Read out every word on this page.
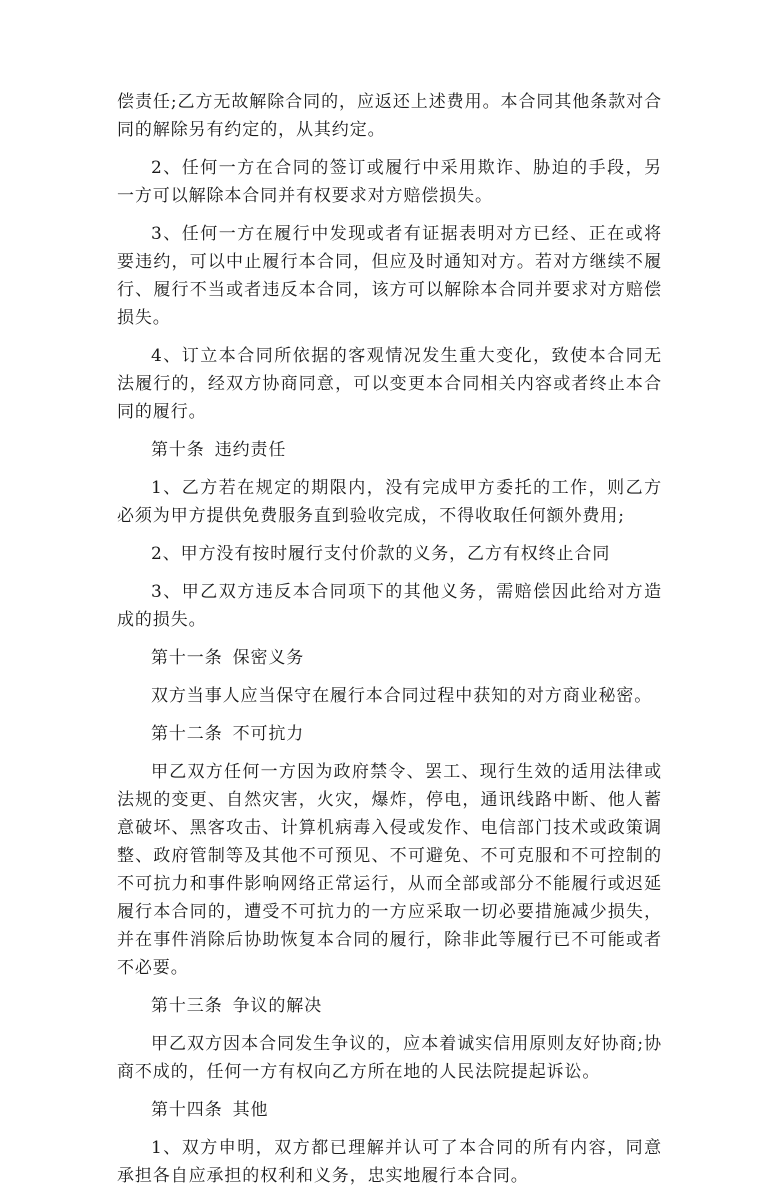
偿责任;乙方无故解除合同的，应返还上述费用。本合同其他条款对合同的解除另有约定的，从其约定。

2、任何一方在合同的签订或履行中采用欺诈、胁迫的手段，另一方可以解除本合同并有权要求对方赔偿损失。

3、任何一方在履行中发现或者有证据表明对方已经、正在或将要违约，可以中止履行本合同，但应及时通知对方。若对方继续不履行、履行不当或者违反本合同，该方可以解除本合同并要求对方赔偿损失。

4、订立本合同所依据的客观情况发生重大变化，致使本合同无法履行的，经双方协商同意，可以变更本合同相关内容或者终止本合同的履行。

第十条 违约责任

1、乙方若在规定的期限内，没有完成甲方委托的工作，则乙方必须为甲方提供免费服务直到验收完成，不得收取任何额外费用;

2、甲方没有按时履行支付价款的义务，乙方有权终止合同

3、甲乙双方违反本合同项下的其他义务，需赔偿因此给对方造成的损失。

第十一条 保密义务

双方当事人应当保守在履行本合同过程中获知的对方商业秘密。

第十二条 不可抗力

甲乙双方任何一方因为政府禁令、罢工、现行生效的适用法律或法规的变更、自然灾害，火灾，爆炸，停电，通讯线路中断、他人蓄意破坏、黑客攻击、计算机病毒入侵或发作、电信部门技术或政策调整、政府管制等及其他不可预见、不可避免、不可克服和不可控制的不可抗力和事件影响网络正常运行，从而全部或部分不能履行或迟延履行本合同的，遭受不可抗力的一方应采取一切必要措施减少损失，并在事件消除后协助恢复本合同的履行，除非此等履行已不可能或者不必要。

第十三条 争议的解决

甲乙双方因本合同发生争议的，应本着诚实信用原则友好协商;协商不成的，任何一方有权向乙方所在地的人民法院提起诉讼。

第十四条 其他

1、双方申明，双方都已理解并认可了本合同的所有内容，同意承担各自应承担的权利和义务，忠实地履行本合同。
